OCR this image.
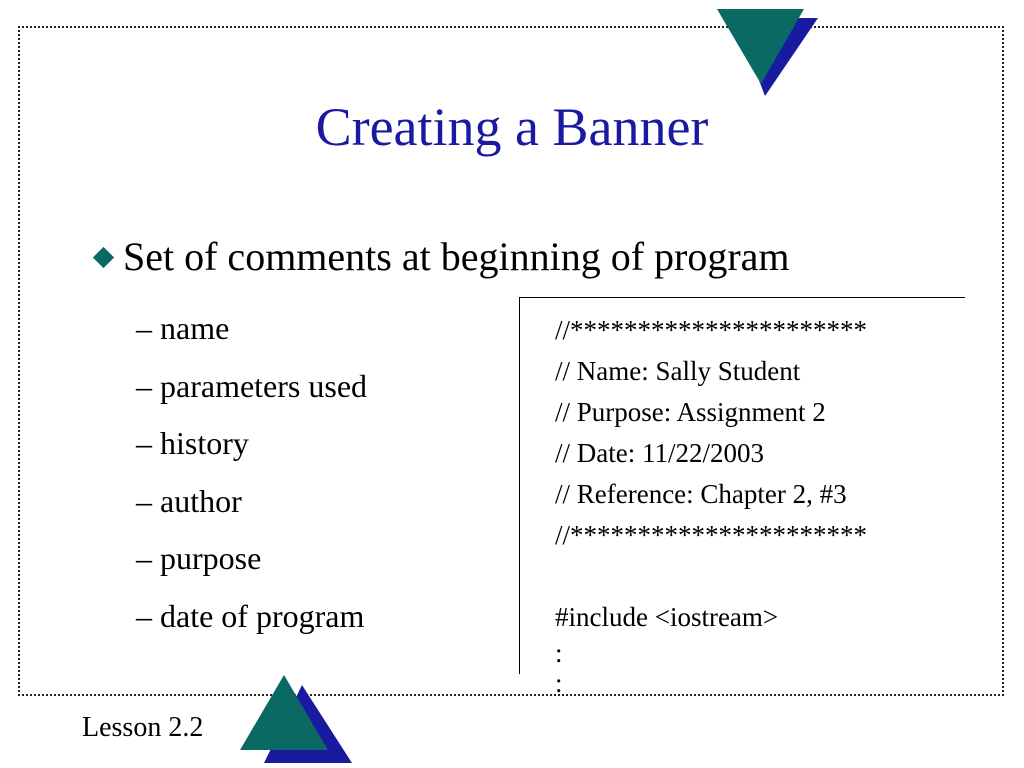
Creating a Banner
Set of comments at beginning of program
– name
– parameters used
– history
– author
– purpose
– date of program
//**********************
// Name: Sally Student
// Purpose: Assignment 2
// Date: 11/22/2003
// Reference: Chapter 2, #3
//**********************
#include <iostream>
:
:
Lesson 2.2
